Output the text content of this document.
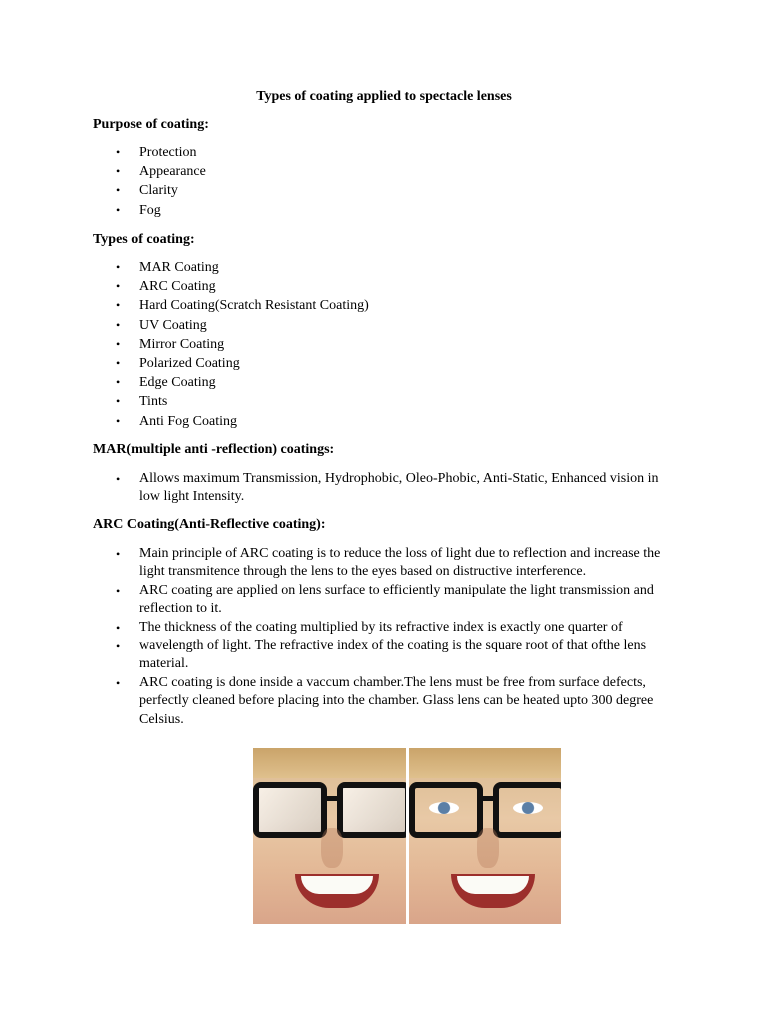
Types of coating applied to spectacle lenses
Purpose of coating:
• Protection
• Appearance
• Clarity
• Fog
Types of coating:
• MAR Coating
• ARC Coating
• Hard Coating(Scratch Resistant Coating)
• UV Coating
• Mirror Coating
• Polarized Coating
• Edge Coating
• Tints
• Anti Fog Coating
MAR(multiple anti -reflection) coatings:
• Allows maximum Transmission, Hydrophobic, Oleo-Phobic, Anti-Static, Enhanced vision in low light Intensity.
ARC Coating(Anti-Reflective coating):
• Main principle of ARC coating is to reduce the loss of light due to reflection and increase the light transmitence through the lens to the eyes based on distructive interference.
• ARC coating are applied on lens surface to efficiently manipulate the light transmission and reflection to it.
• The thickness of the coating multiplied by its refractive index is exactly one quarter of
• wavelength of light. The refractive index of the coating is the square root of that ofthe lens material.
• ARC coating is done inside a vaccum chamber.The lens must be free from surface defects, perfectly cleaned before placing into the chamber. Glass lens can be heated upto 300 degree Celsius.
